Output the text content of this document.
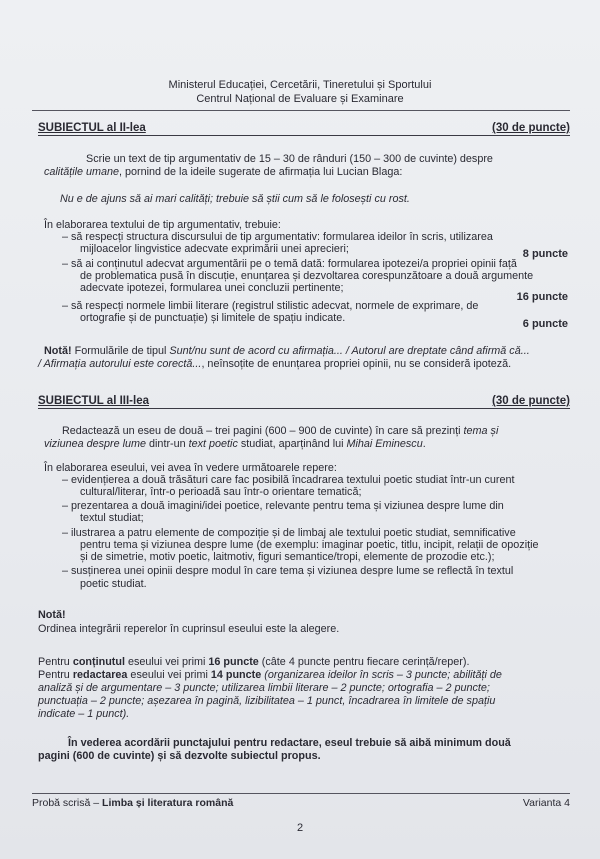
Ministerul Educației, Cercetării, Tineretului și Sportului
Centrul Național de Evaluare și Examinare
SUBIECTUL al II-lea	(30 de puncte)
Scrie un text de tip argumentativ de 15 – 30 de rânduri (150 – 300 de cuvinte) despre
calitățile umane, pornind de la ideile sugerate de afirmația lui Lucian Blaga:
Nu e de ajuns să ai mari calități; trebuie să știi cum să le folosești cu rost.
În elaborarea textului de tip argumentativ, trebuie:
– să respecți structura discursului de tip argumentativ: formularea ideilor în scris, utilizarea
mijloacelor lingvistice adecvate exprimării unei aprecieri;	8 puncte
– să ai conținutul adecvat argumentării pe o temă dată: formularea ipotezei/a propriei opinii față
de problematica pusă în discuție, enunțarea și dezvoltarea corespunzătoare a două argumente
adecvate ipotezei, formularea unei concluzii pertinente;
16 puncte
– să respecți normele limbii literare (registrul stilistic adecvat, normele de exprimare, de
ortografie și de punctuație) și limitele de spațiu indicate.	6 puncte
Notă! Formulările de tipul Sunt/nu sunt de acord cu afirmația... / Autorul are dreptate când afirmă că...
/ Afirmația autorului este corectă..., neînsoțite de enunțarea propriei opinii, nu se consideră ipoteză.
SUBIECTUL al III-lea	(30 de puncte)
Redactează un eseu de două – trei pagini (600 – 900 de cuvinte) în care să prezinți tema și
viziunea despre lume dintr-un text poetic studiat, aparținând lui Mihai Eminescu.
În elaborarea eseului, vei avea în vedere următoarele repere:
– evidențierea a două trăsături care fac posibilă încadrarea textului poetic studiat într-un curent
cultural/literar, într-o perioadă sau într-o orientare tematică;
– prezentarea a două imagini/idei poetice, relevante pentru tema și viziunea despre lume din
textul studiat;
– ilustrarea a patru elemente de compoziție și de limbaj ale textului poetic studiat, semnificative
pentru tema și viziunea despre lume (de exemplu: imaginar poetic, titlu, incipit, relații de opoziție
și de simetrie, motiv poetic, laitmotiv, figuri semantice/tropi, elemente de prozodie etc.);
– susținerea unei opinii despre modul în care tema și viziunea despre lume se reflectă în textul
poetic studiat.
Notă!
Ordinea integrării reperelor în cuprinsul eseului este la alegere.
Pentru conținutul eseului vei primi 16 puncte (câte 4 puncte pentru fiecare cerință/reper).
Pentru redactarea eseului vei primi 14 puncte (organizarea ideilor în scris – 3 puncte; abilități de
analiză și de argumentare – 3 puncte; utilizarea limbii literare – 2 puncte; ortografia – 2 puncte;
punctuația – 2 puncte; așezarea în pagină, lizibilitatea – 1 punct, încadrarea în limitele de spațiu
indicate – 1 punct).
În vederea acordării punctajului pentru redactare, eseul trebuie să aibă minimum două
pagini (600 de cuvinte) și să dezvolte subiectul propus.
Probă scrisă – Limba și literatura română	Varianta 4
2
